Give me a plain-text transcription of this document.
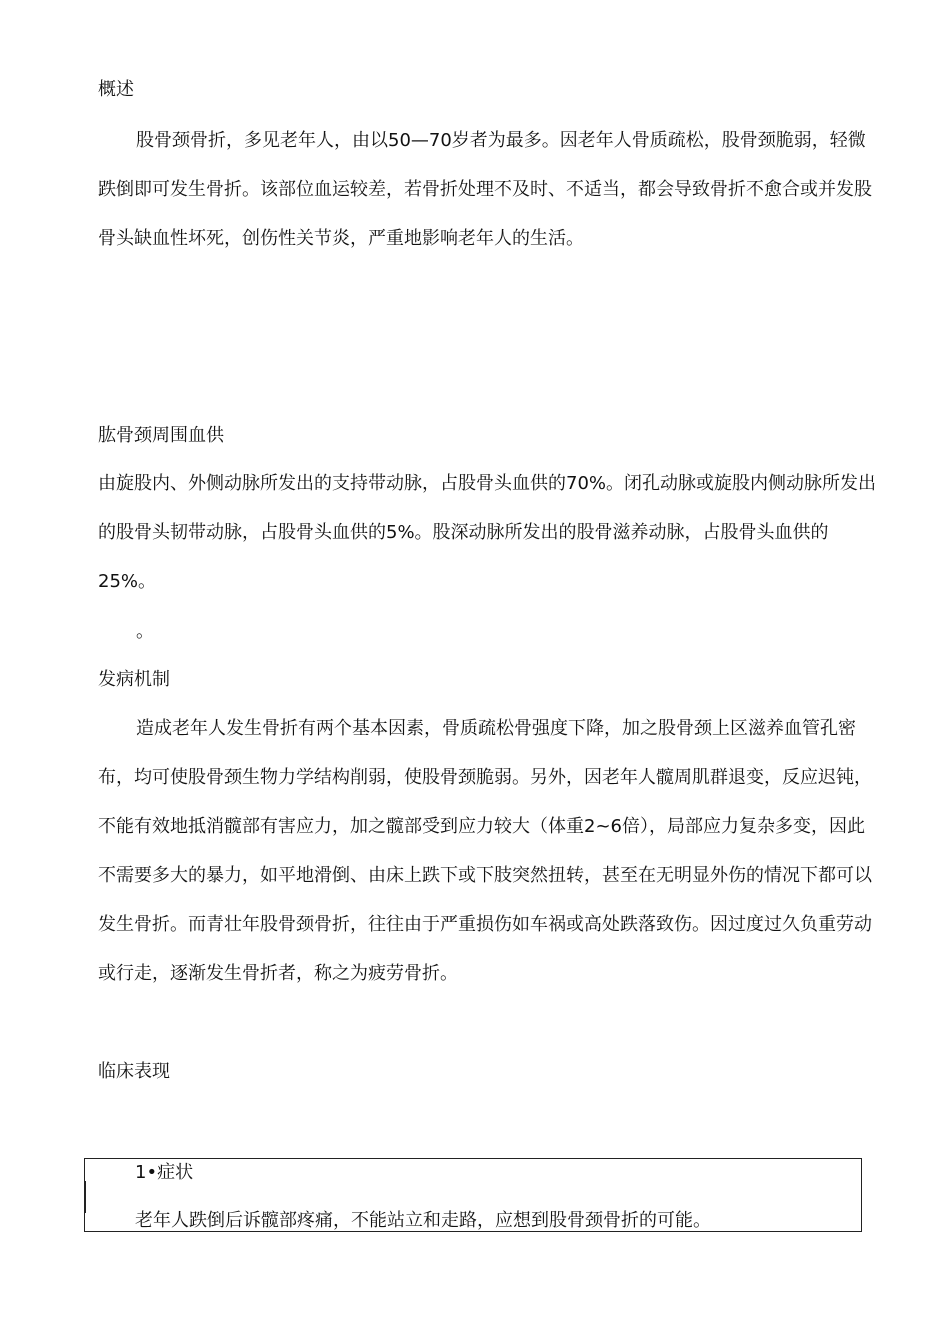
概述

股骨颈骨折，多见老年人，由以50—70岁者为最多。因老年人骨质疏松，股骨颈脆弱，轻微跌倒即可发生骨折。该部位血运较差，若骨折处理不及时、不适当，都会导致骨折不愈合或并发股骨头缺血性坏死，创伤性关节炎，严重地影响老年人的生活。

肱骨颈周围血供

由旋股内、外侧动脉所发出的支持带动脉，占股骨头血供的70%。闭孔动脉或旋股内侧动脉所发出的股骨头韧带动脉，占股骨头血供的5%。股深动脉所发出的股骨滋养动脉，占股骨头血供的25%。

。
发病机制

造成老年人发生骨折有两个基本因素，骨质疏松骨强度下降，加之股骨颈上区滋养血管孔密布，均可使股骨颈生物力学结构削弱，使股骨颈脆弱。另外，因老年人髋周肌群退变，反应迟钝，不能有效地抵消髋部有害应力，加之髋部受到应力较大（体重2~6倍），局部应力复杂多变，因此不需要多大的暴力，如平地滑倒、由床上跌下或下肢突然扭转，甚至在无明显外伤的情况下都可以发生骨折。而青壮年股骨颈骨折，往往由于严重损伤如车祸或高处跌落致伤。因过度过久负重劳动或行走，逐渐发生骨折者，称之为疲劳骨折。

临床表现
1•症状
老年人跌倒后诉髋部疼痛，不能站立和走路，应想到股骨颈骨折的可能。
